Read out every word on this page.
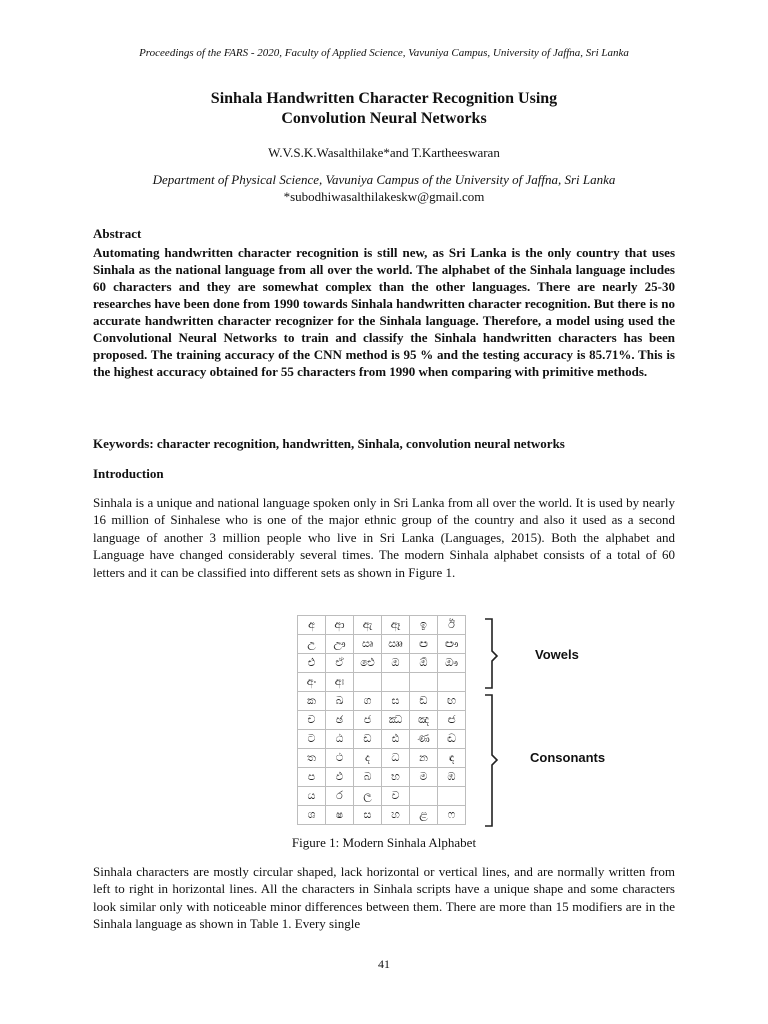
Proceedings of the FARS - 2020, Faculty of Applied Science, Vavuniya Campus, University of Jaffna, Sri Lanka
Sinhala Handwritten Character Recognition Using
Convolution Neural Networks
W.V.S.K.Wasalthilake*and T.Kartheeswaran
Department of Physical Science, Vavuniya Campus of the University of Jaffna, Sri Lanka
*subodhiwasalthilakeskw@gmail.com
Abstract
Automating handwritten character recognition is still new, as Sri Lanka is the only country that uses Sinhala as the national language from all over the world. The alphabet of the Sinhala language includes 60 characters and they are somewhat complex than the other languages. There are nearly 25-30 researches have been done from 1990 towards Sinhala handwritten character recognition. But there is no accurate handwritten character recognizer for the Sinhala language. Therefore, a model using used the Convolutional Neural Networks to train and classify the Sinhala handwritten characters has been proposed. The training accuracy of the CNN method is 95 % and the testing accuracy is 85.71%. This is the highest accuracy obtained for 55 characters from 1990 when comparing with primitive methods.
Keywords: character recognition, handwritten, Sinhala, convolution neural networks
Introduction
Sinhala is a unique and national language spoken only in Sri Lanka from all over the world. It is used by nearly 16 million of Sinhalese who is one of the major ethnic group of the country and also it used as a second language of another 3 million people who live in Sri Lanka (Languages, 2015). Both the alphabet and Language have changed considerably several times. The modern Sinhala alphabet consists of a total of 60 letters and it can be classified into different sets as shown in Figure 1.
අ	ආ	ඇ	ඈ	ඉ	ඊ
උ	ඌ	ඍ	ඎ	ඏ	ඐ
එ	ඒ	ඓ	ඔ	ඕ	ඖ
අං	අඃ				
ක	ඛ	ග	ඝ	ඞ	ඟ
ච	ඡ	ජ	ඣ	ඤ	ඦ
ට	ඨ	ඩ	ඪ	ණ	ඬ
ත	ථ	ද	ධ	න	ඳ
ප	ඵ	බ	භ	ම	ඹ
ය	ර	ල	ව		
ශ	ෂ	ස	හ	ළ	ෆ
Vowels
Consonants
Figure 1: Modern Sinhala Alphabet
Sinhala characters are mostly circular shaped, lack horizontal or vertical lines, and are normally written from left to right in horizontal lines. All the characters in Sinhala scripts have a unique shape and some characters look similar only with noticeable minor differences between them. There are more than 15 modifiers are in the Sinhala language as shown in Table 1. Every single
41
